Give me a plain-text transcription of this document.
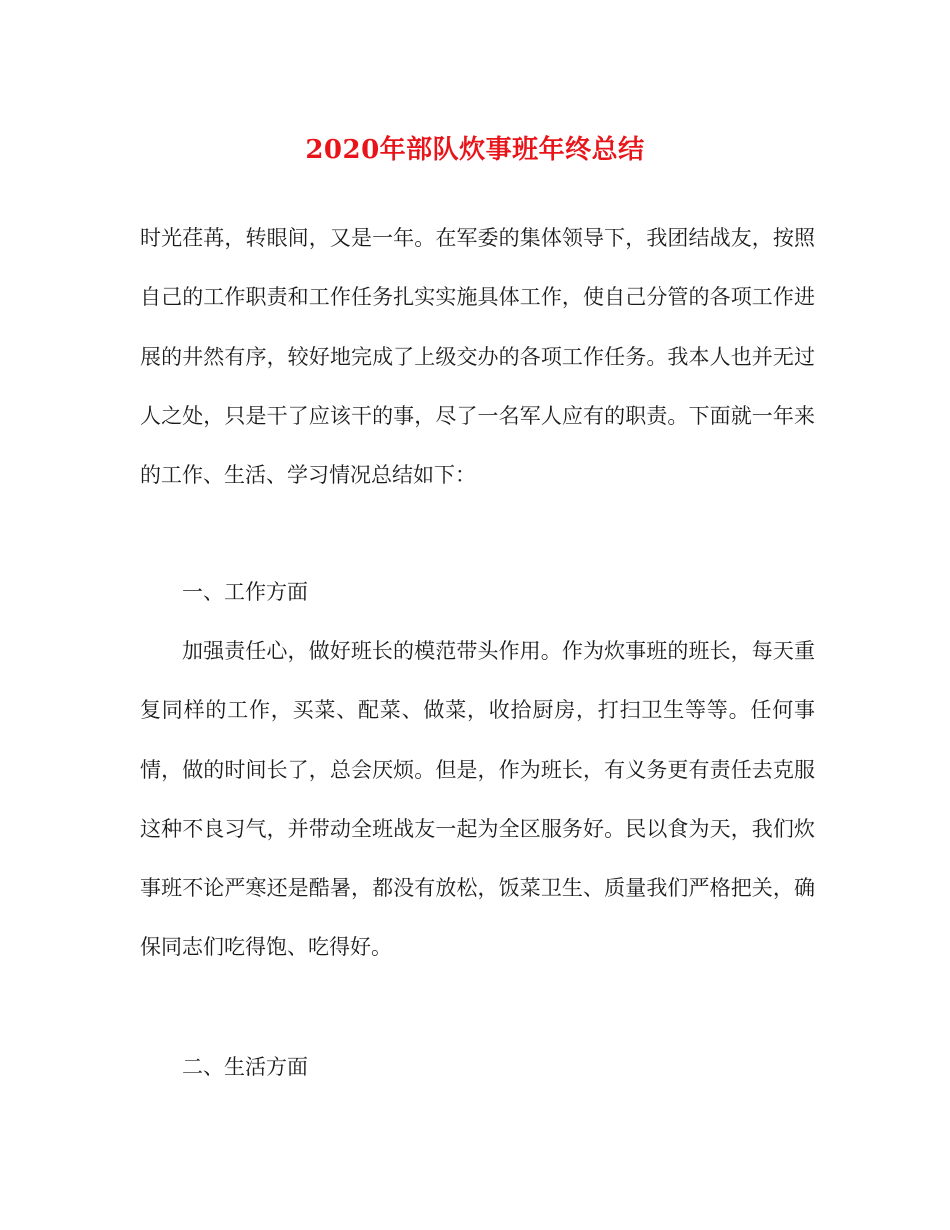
2020年部队炊事班年终总结

时光荏苒，转眼间，又是一年。在军委的集体领导下，我团结战友，按照自己的工作职责和工作任务扎实实施具体工作，使自己分管的各项工作进展的井然有序，较好地完成了上级交办的各项工作任务。我本人也并无过人之处，只是干了应该干的事，尽了一名军人应有的职责。下面就一年来的工作、生活、学习情况总结如下：

一、工作方面

加强责任心，做好班长的模范带头作用。作为炊事班的班长，每天重复同样的工作，买菜、配菜、做菜，收拾厨房，打扫卫生等等。任何事情，做的时间长了，总会厌烦。但是，作为班长，有义务更有责任去克服这种不良习气，并带动全班战友一起为全区服务好。民以食为天，我们炊事班不论严寒还是酷暑，都没有放松，饭菜卫生、质量我们严格把关，确保同志们吃得饱、吃得好。

二、生活方面
